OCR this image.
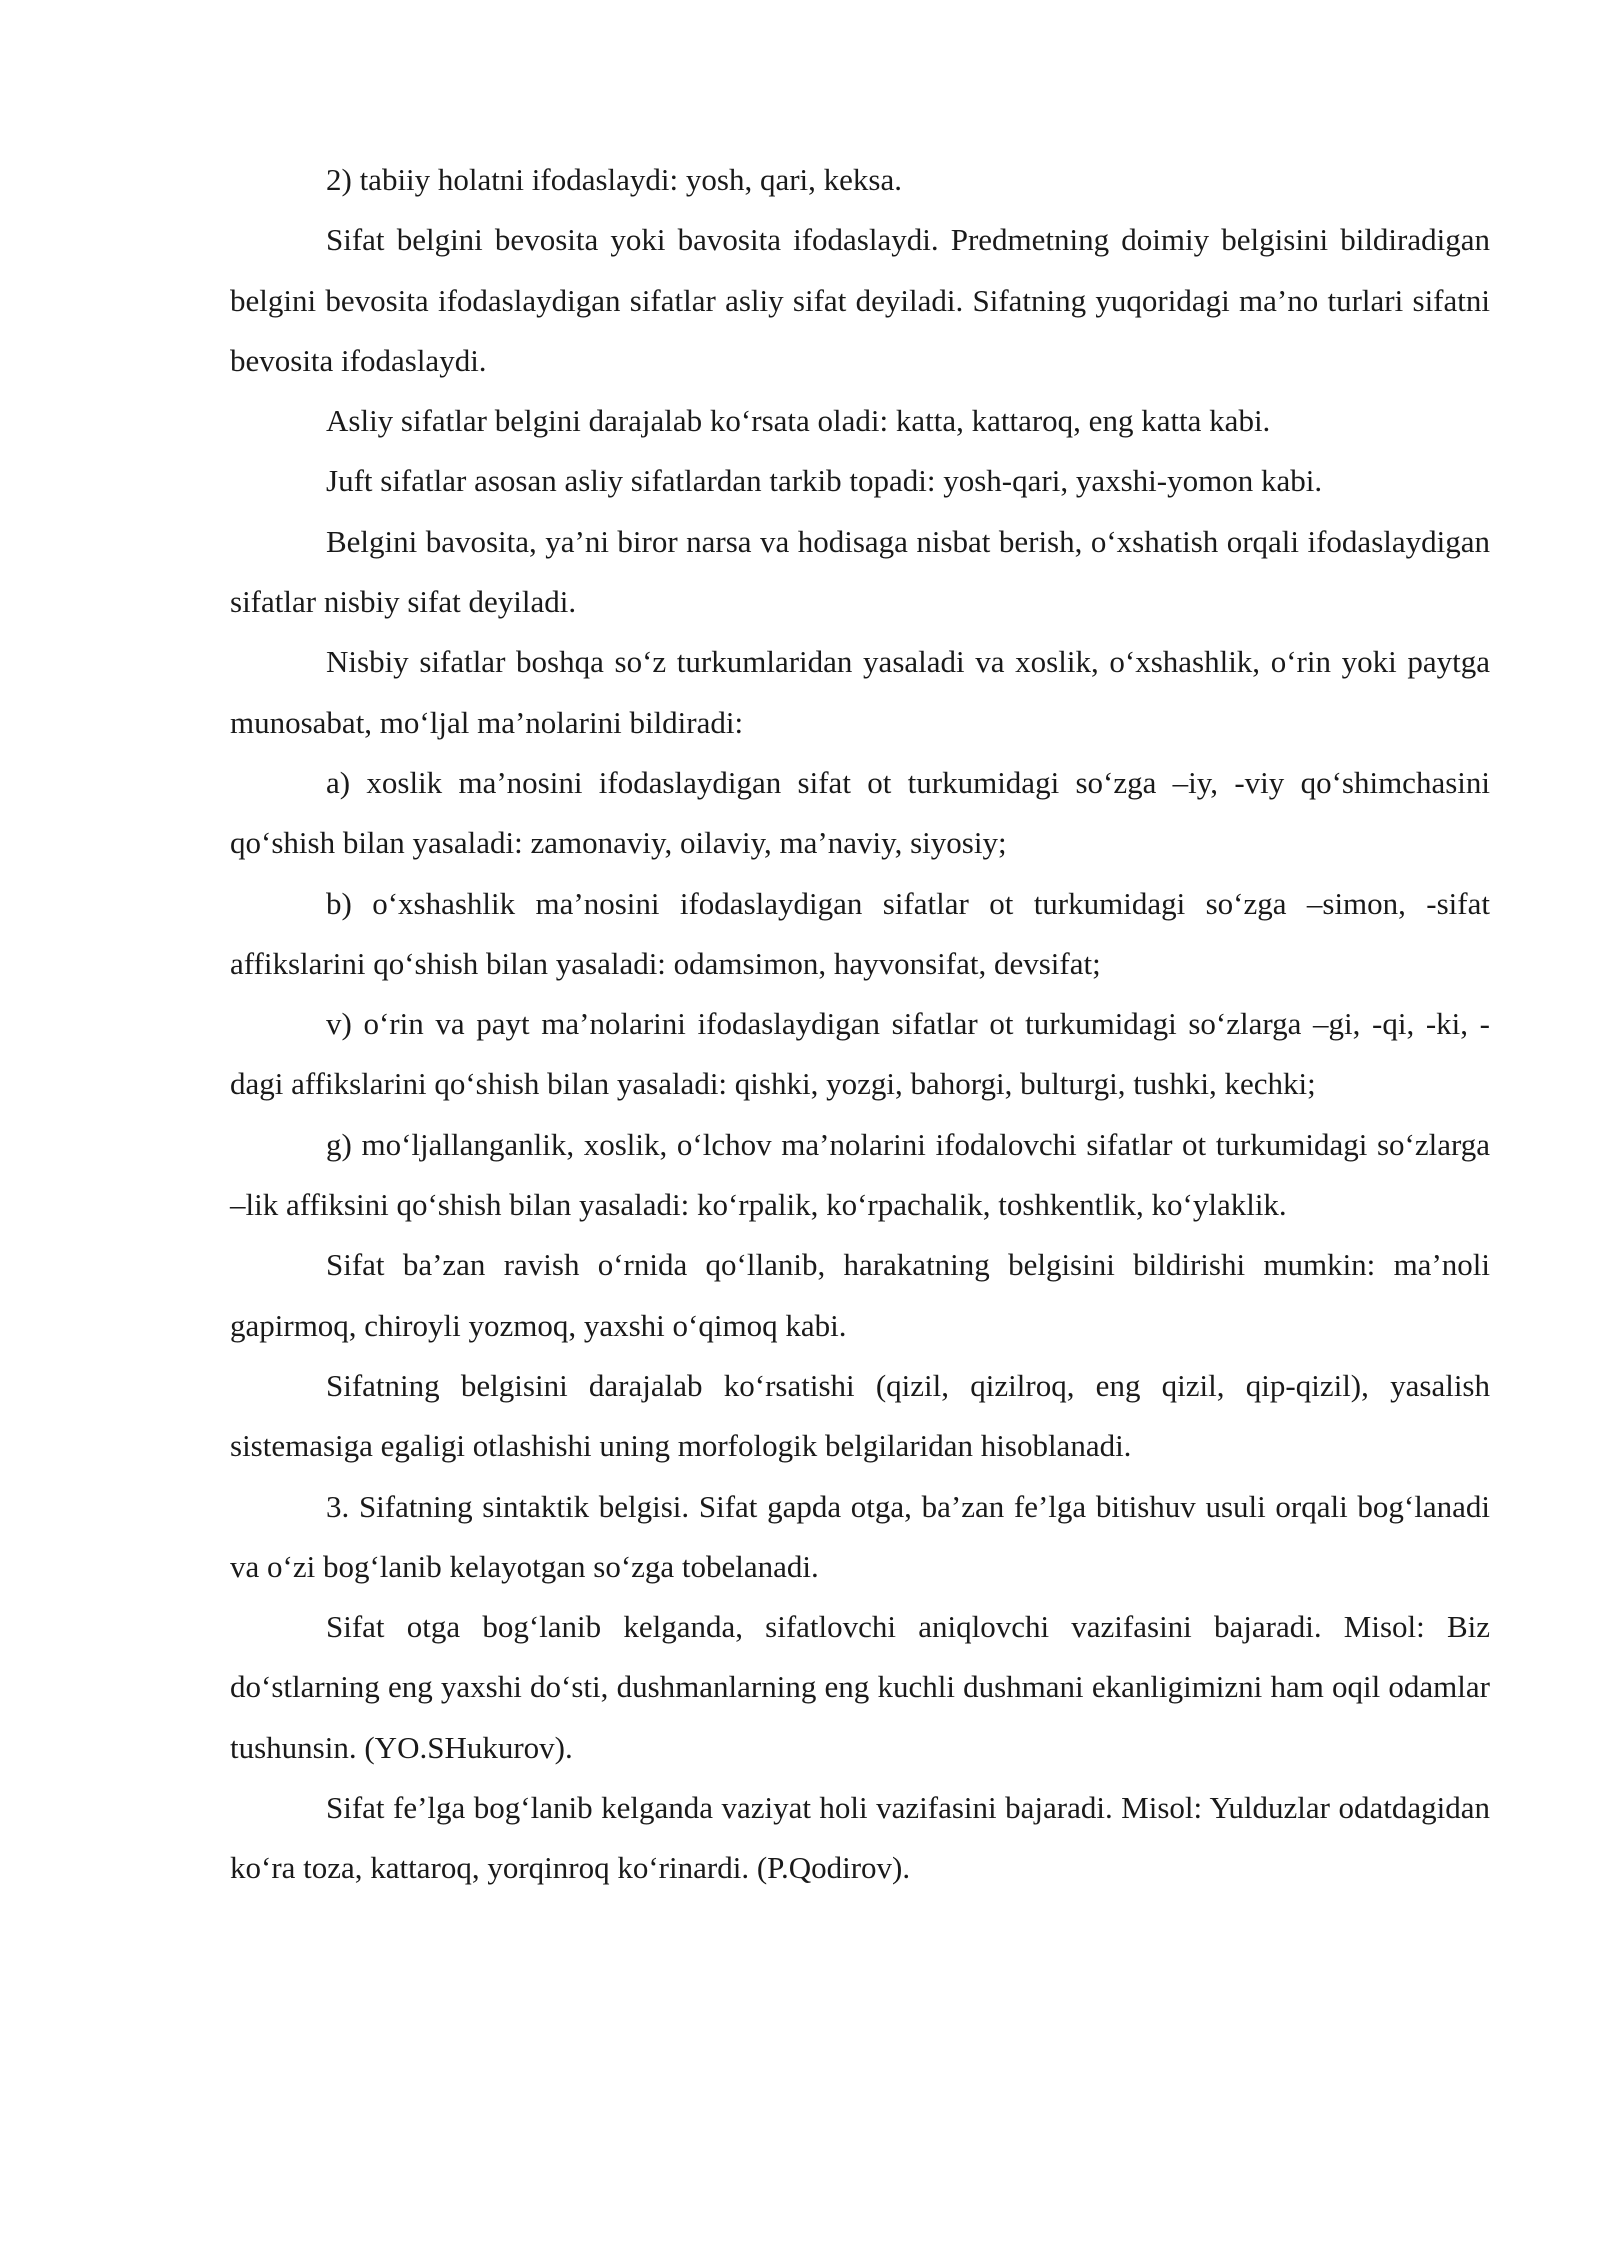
2) tabiiy holatni ifodaslaydi: yosh, qari, keksa.

Sifat belgini bevosita yoki bavosita ifodaslaydi. Predmetning doimiy belgisini bildiradigan belgini bevosita ifodaslaydigan sifatlar asliy sifat deyiladi. Sifatning yuqoridagi ma’no turlari sifatni bevosita ifodaslaydi.

Asliy sifatlar belgini darajalab ko‘rsata oladi: katta, kattaroq, eng katta kabi.

Juft sifatlar asosan asliy sifatlardan tarkib topadi: yosh-qari, yaxshi-yomon kabi.

Belgini bavosita, ya’ni biror narsa va hodisaga nisbat berish, o‘xshatish orqali ifodaslaydigan sifatlar nisbiy sifat deyiladi.

Nisbiy sifatlar boshqa so‘z turkumlaridan yasaladi va xoslik, o‘xshashlik, o‘rin yoki paytga munosabat, mo‘ljal ma’nolarini bildiradi:

a) xoslik ma’nosini ifodaslaydigan sifat ot turkumidagi so‘zga –iy, -viy qo‘shimchasini qo‘shish bilan yasaladi: zamonaviy, oilaviy, ma’naviy, siyosiy;

b) o‘xshashlik ma’nosini ifodaslaydigan sifatlar ot turkumidagi so‘zga –simon, -sifat affikslarini qo‘shish bilan yasaladi: odamsimon, hayvonsifat, devsifat;

v) o‘rin va payt ma’nolarini ifodaslaydigan sifatlar ot turkumidagi so‘zlarga –gi, -qi, -ki, -dagi affikslarini qo‘shish bilan yasaladi: qishki, yozgi, bahorgi, bulturgi, tushki, kechki;

g) mo‘ljallanganlik, xoslik, o‘lchov ma’nolarini ifodalovchi sifatlar ot turkumidagi so‘zlarga –lik affiksini qo‘shish bilan yasaladi: ko‘rpalik, ko‘rpachalik, toshkentlik, ko‘ylaklik.

Sifat ba’zan ravish o‘rnida qo‘llanib, harakatning belgisini bildirishi mumkin: ma’noli gapirmoq, chiroyli yozmoq, yaxshi o‘qimoq kabi.

Sifatning belgisini darajalab ko‘rsatishi (qizil, qizilroq, eng qizil, qip-qizil), yasalish sistemasiga egaligi otlashishi uning morfologik belgilaridan hisoblanadi.

3. Sifatning sintaktik belgisi. Sifat gapda otga, ba’zan fe’lga bitishuv usuli orqali bog‘lanadi va o‘zi bog‘lanib kelayotgan so‘zga tobelanadi.

Sifat otga bog‘lanib kelganda, sifatlovchi aniqlovchi vazifasini bajaradi. Misol: Biz do‘stlarning eng yaxshi do‘sti, dushmanlarning eng kuchli dushmani ekanligimizni ham oqil odamlar tushunsin. (YO.SHukurov).

Sifat fe’lga bog‘lanib kelganda vaziyat holi vazifasini bajaradi. Misol: Yulduzlar odatdagidan ko‘ra toza, kattaroq, yorqinroq ko‘rinardi. (P.Qodirov).
